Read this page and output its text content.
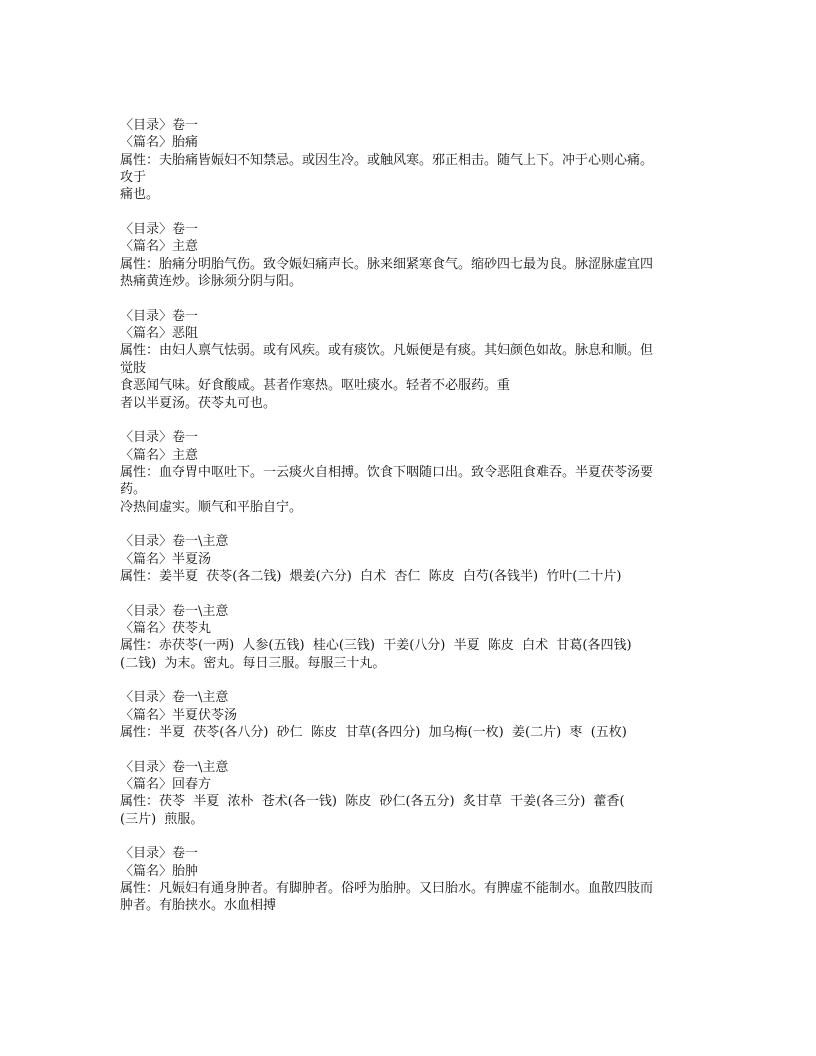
〈目录〉卷一
〈篇名〉胎痛
属性：夫胎痛皆娠妇不知禁忌。或因生冷。或触风寒。邪正相击。随气上下。冲于心则心痛。
攻于
痛也。
〈目录〉卷一
〈篇名〉主意
属性：胎痛分明胎气伤。致令娠妇痛声长。脉来细紧寒食气。缩砂四七最为良。脉涩脉虚宜四
热痛黄连炒。诊脉须分阴与阳。
〈目录〉卷一
〈篇名〉恶阻
属性：由妇人禀气怯弱。或有风疾。或有痰饮。凡娠便是有痰。其妇颜色如故。脉息和顺。但
觉肢
食恶闻气味。好食酸咸。甚者作寒热。呕吐痰水。轻者不必服药。重
者以半夏汤。茯苓丸可也。
〈目录〉卷一
〈篇名〉主意
属性：血夺胃中呕吐下。一云痰火自相搏。饮食下咽随口出。致令恶阻食难吞。半夏茯苓汤要
药。
冷热间虚实。顺气和平胎自宁。
〈目录〉卷一\主意
〈篇名〉半夏汤
属性：姜半夏  茯苓(各二钱)  煨姜(六分)  白术  杏仁  陈皮  白芍(各钱半)  竹叶(二十片)
〈目录〉卷一\主意
〈篇名〉茯苓丸
属性：赤茯苓(一两)  人参(五钱)  桂心(三钱)  干姜(八分)  半夏  陈皮  白术  甘葛(各四钱)
(二钱)  为末。密丸。每日三服。每服三十丸。
〈目录〉卷一\主意
〈篇名〉半夏伏苓汤
属性：半夏  茯苓(各八分)  砂仁  陈皮  甘草(各四分)  加乌梅(一枚)  姜(二片)  枣  (五枚)
〈目录〉卷一\主意
〈篇名〉回春方
属性：茯苓  半夏  浓朴  苍术(各一钱)  陈皮  砂仁(各五分)  炙甘草  干姜(各三分)  藿香(
(三片)  煎服。
〈目录〉卷一
〈篇名〉胎肿
属性：凡娠妇有通身肿者。有脚肿者。俗呼为胎肿。又曰胎水。有脾虚不能制水。血散四肢而
肿者。有胎挟水。水血相搏
